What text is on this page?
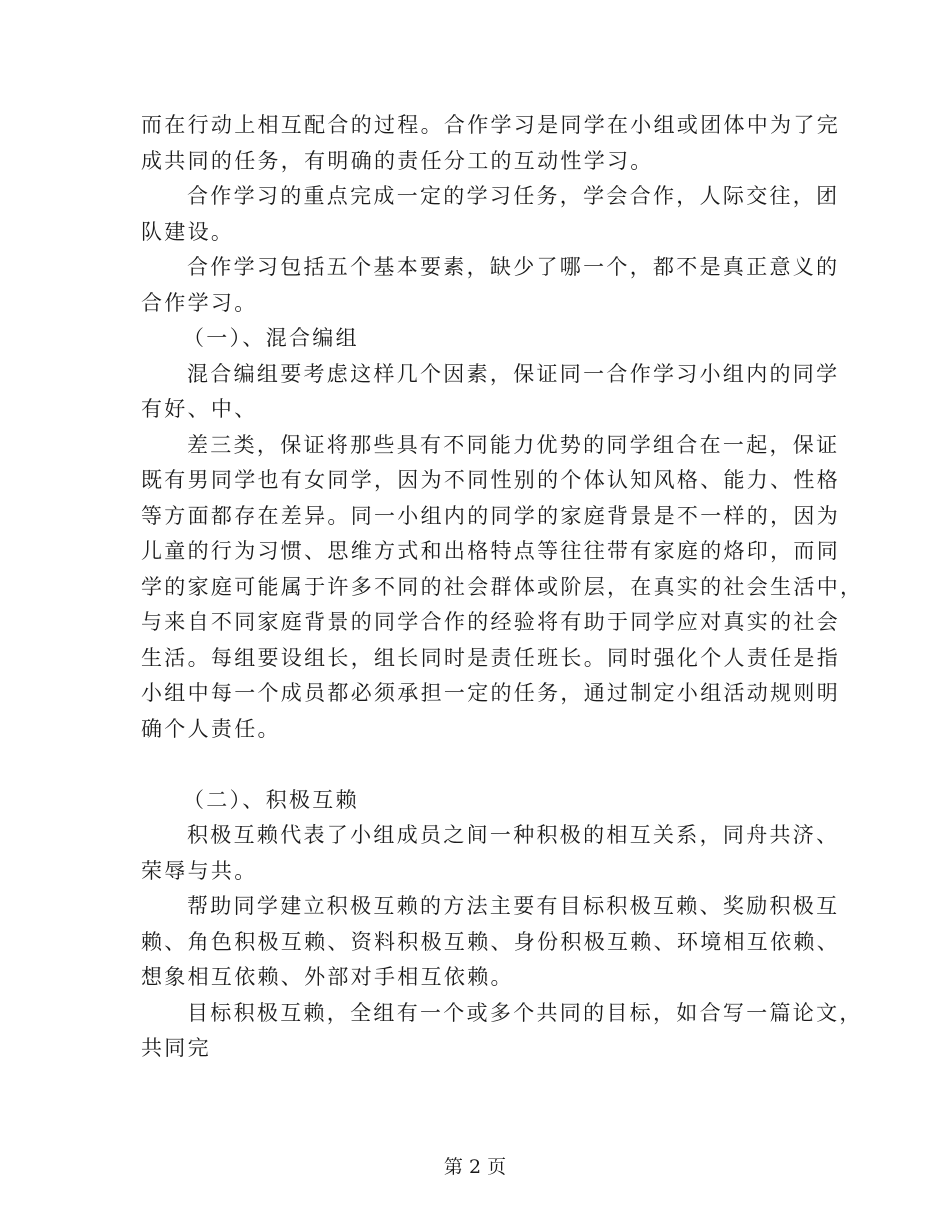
而在行动上相互配合的过程。合作学习是同学在小组或团体中为了完
成共同的任务，有明确的责任分工的互动性学习。
合作学习的重点完成一定的学习任务，学会合作，人际交往，团
队建设。
合作学习包括五个基本要素，缺少了哪一个，都不是真正意义的
合作学习。
（一）、混合编组
混合编组要考虑这样几个因素，保证同一合作学习小组内的同学
有好、中、
差三类，保证将那些具有不同能力优势的同学组合在一起，保证
既有男同学也有女同学，因为不同性别的个体认知风格、能力、性格
等方面都存在差异。同一小组内的同学的家庭背景是不一样的，因为
儿童的行为习惯、思维方式和出格特点等往往带有家庭的烙印，而同
学的家庭可能属于许多不同的社会群体或阶层，在真实的社会生活中，
与来自不同家庭背景的同学合作的经验将有助于同学应对真实的社会
生活。每组要设组长，组长同时是责任班长。同时强化个人责任是指
小组中每一个成员都必须承担一定的任务，通过制定小组活动规则明
确个人责任。
（二）、积极互赖
积极互赖代表了小组成员之间一种积极的相互关系，同舟共济、
荣辱与共。
帮助同学建立积极互赖的方法主要有目标积极互赖、奖励积极互
赖、角色积极互赖、资料积极互赖、身份积极互赖、环境相互依赖、
想象相互依赖、外部对手相互依赖。
目标积极互赖，全组有一个或多个共同的目标，如合写一篇论文，
共同完
第 2 页
